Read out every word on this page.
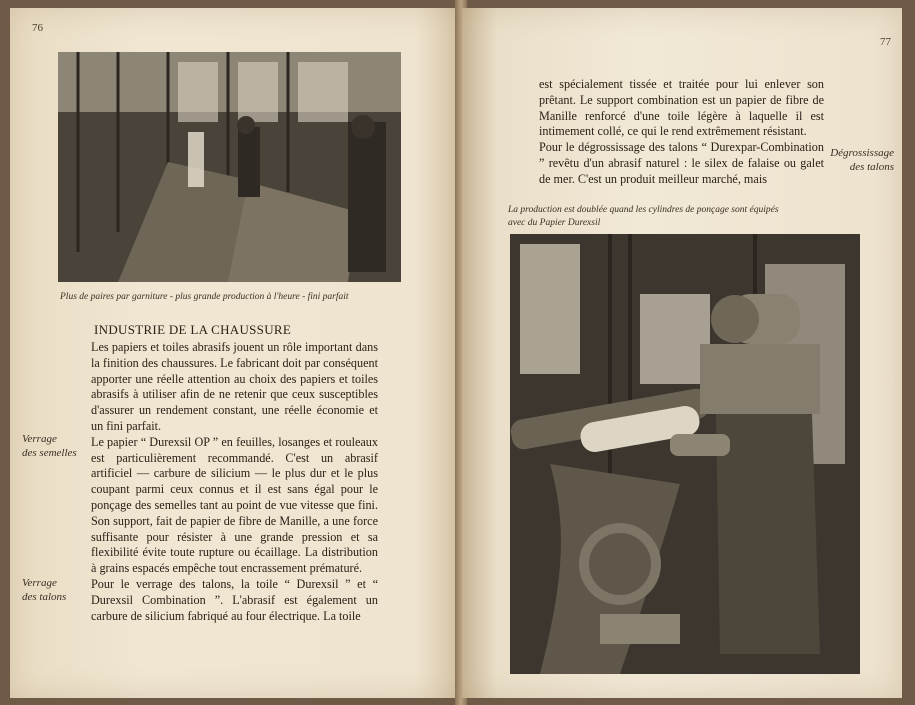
76
Plus de paires par garniture - plus grande production à l'heure - fini parfait
INDUSTRIE DE LA CHAUSSURE

Les papiers et toiles abrasifs jouent un rôle important dans la finition des chaussures. Le fabricant doit par conséquent apporter une réelle attention au choix des papiers et toiles abrasifs à utiliser afin de ne retenir que ceux susceptibles d'assurer un rendement constant, une réelle économie et un fini parfait.

Le papier “ Durexsil OP ” en feuilles, losanges et rouleaux est particulièrement recommandé. C'est un abrasif artificiel — carbure de silicium — le plus dur et le plus coupant parmi ceux connus et il est sans égal pour le ponçage des semelles tant au point de vue vitesse que fini. Son support, fait de papier de fibre de Manille, a une force suffisante pour résister à une grande pression et sa flexibilité évite toute rupture ou écaillage. La distribution à grains espacés empêche tout encrassement prématuré.

Pour le verrage des talons, la toile “ Durexsil ” et “ Durexsil Combination ”. L'abrasif est également un carbure de silicium fabriqué au four électrique. La toile

Verrage
des semelles
Verrage
des talons
77

est spécialement tissée et traitée pour lui enlever son prêtant. Le support combination est un papier de fibre de Manille renforcé d'une toile légère à laquelle il est intimement collé, ce qui le rend extrêmement résistant.

Pour le dégrossissage des talons “ Durexpar-Combination ” revêtu d'un abrasif naturel : le silex de falaise ou galet de mer. C'est un produit meilleur marché, mais

Dégrossissage
des talons
La production est doublée quand les cylindres de ponçage sont équipés
avec du Papier Durexsil
